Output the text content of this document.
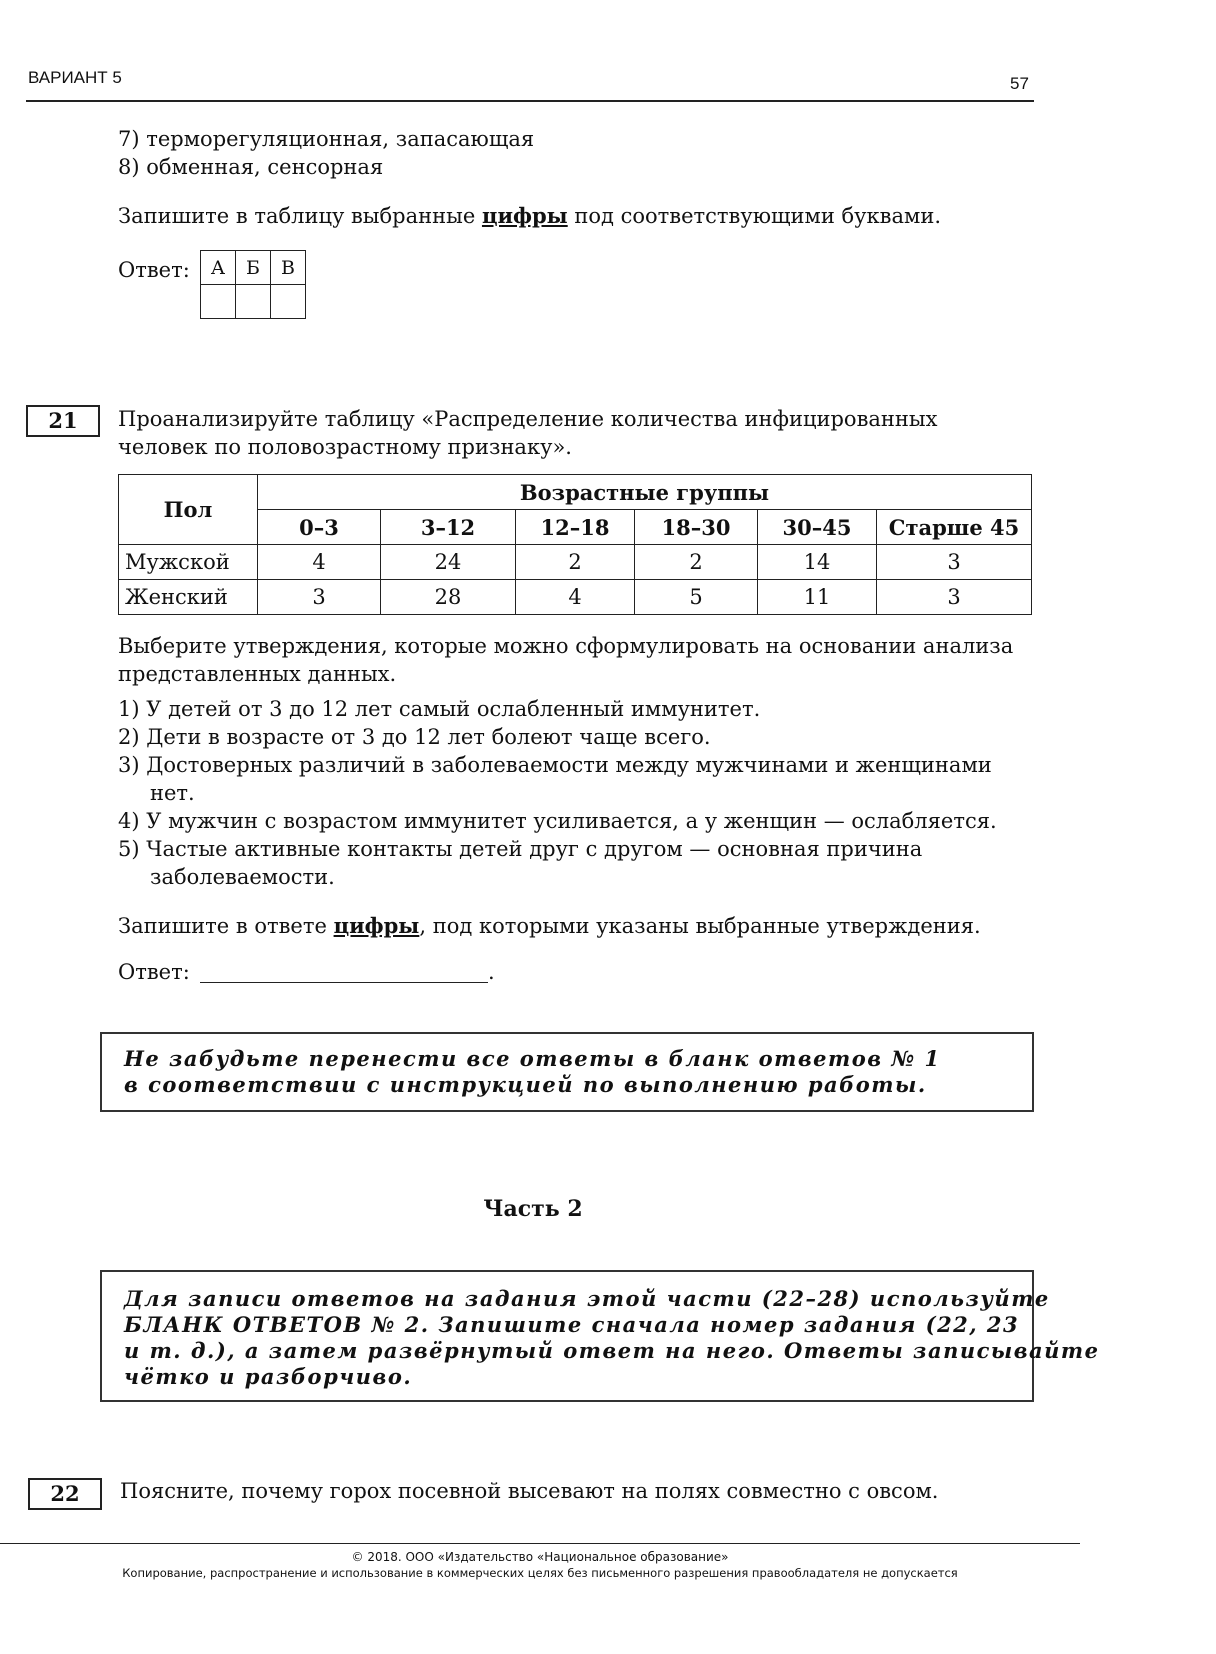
ВАРИАНТ 5	57
7) терморегуляционная, запасающая
8) обменная, сенсорная
Запишите в таблицу выбранные цифры под соответствующими буквами.
Ответ: А	Б	В

21	Проанализируйте таблицу «Распределение количества инфицированных
человек по половозрастному признаку».
Пол	Возрастные группы					
	0–3	3–12	12–18	18–30	30–45	Старше 45
Мужской	4	24	2	2	14	3
Женский	3	28	4	5	11	3
Выберите утверждения, которые можно сформулировать на основании анализа
представленных данных.
1) У детей от 3 до 12 лет самый ослабленный иммунитет.
2) Дети в возрасте от 3 до 12 лет болеют чаще всего.
3) Достоверных различий в заболеваемости между мужчинами и женщинами
нет.
4) У мужчин с возрастом иммунитет усиливается, а у женщин — ослабляется.
5) Частые активные контакты детей друг с другом — основная причина
заболеваемости.
Запишите в ответе цифры, под которыми указаны выбранные утверждения.
Ответ:	.
Не забудьте перенести все ответы в бланк ответов № 1
в соответствии с инструкцией по выполнению работы.
Часть 2
Для записи ответов на задания этой части (22–28) используйте
БЛАНК ОТВЕТОВ № 2. Запишите сначала номер задания (22, 23
и т. д.), а затем развёрнутый ответ на него. Ответы записывайте
чётко и разборчиво.
22	Поясните, почему горох посевной высевают на полях совместно с овсом.
© 2018. ООО «Издательство «Национальное образование»
Копирование, распространение и использование в коммерческих целях без письменного разрешения правообладателя не допускается
